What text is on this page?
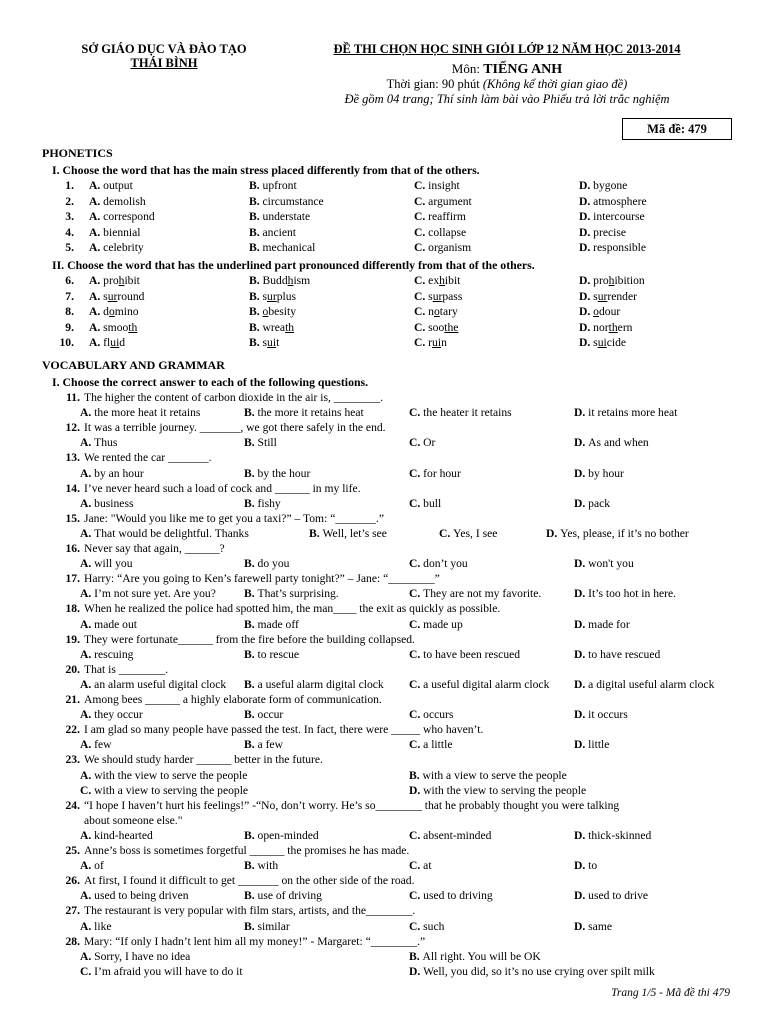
SỞ GIÁO DỤC VÀ ĐÀO TẠO
THÁI BÌNH
ĐỀ THI CHỌN HỌC SINH GIỎI LỚP 12 NĂM HỌC 2013-2014
Môn: TIẾNG ANH
Thời gian: 90 phút (Không kể thời gian giao đề)
Đề gồm 04 trang; Thí sinh làm bài vào Phiếu trả lời trắc nghiệm
Mã đề: 479
PHONETICS
I. Choose the word that has the main stress placed differently from that of the others.
1. A. output	B. upfront	C. insight	D. bygone
2. A. demolish	B. circumstance	C. argument	D. atmosphere
3. A. correspond	B. understate	C. reaffirm	D. intercourse
4. A. biennial	B. ancient	C. collapse	D. precise
5. A. celebrity	B. mechanical	C. organism	D. responsible
II. Choose the word that has the underlined part pronounced differently from that of the others.
6. A. prohibit	B. Buddhism	C. exhibit	D. prohibition
7. A. surround	B. surplus	C. surpass	D. surrender
8. A. domino	B. obesity	C. notary	D. odour
9. A. smooth	B. wreath	C. soothe	D. northern
10. A. fluid	B. suit	C. ruin	D. suicide
VOCABULARY AND GRAMMAR
I. Choose the correct answer to each of the following questions.
11. The higher the content of carbon dioxide in the air is, ________.
A. the more heat it retains	B. the more it retains heat	C. the heater it retains	D. it retains more heat
12. It was a terrible journey. _______, we got there safely in the end.
A. Thus	B. Still	C. Or	D. As and when
13. We rented the car _______.
A. by an hour	B. by the hour	C. for hour	D. by hour
14. I’ve never heard such a load of cock and ______ in my life.
A. business	B. fishy	C. bull	D. pack
15. Jane: "Would you like me to get you a taxi?” – Tom: “_______.”
A. That would be delightful. Thanks	B. Well, let’s see	C. Yes, I see	D. Yes, please, if it’s no bother
16. Never say that again, ______?
A. will you	B. do you	C. don’t you	D. won't you
17. Harry: “Are you going to Ken’s farewell party tonight?” – Jane: “________”
A. I’m not sure yet. Are you? B. That’s surprising.	C. They are not my favorite.	D. It’s too hot in here.
18. When he realized the police had spotted him, the man____ the exit as quickly as possible.
A. made out	B. made off	C. made up	D. made for
19. They were fortunate______ from the fire before the building collapsed.
A. rescuing	B. to rescue	C. to have been rescued	D. to have rescued
20. That is ________.
A. an alarm useful digital clock B. a useful alarm digital clock C. a useful digital alarm clock D. a digital useful alarm clock
21. Among bees ______ a highly elaborate form of communication.
A. they occur	B. occur	C. occurs	D. it occurs
22. I am glad so many people have passed the test. In fact, there were _____ who haven’t.
A. few	B. a few	C. a little	D. little
23. We should study harder ______ better in the future.
A. with the view to serve the people	B. with a view to serve the people
C. with a view to serving the people	D. with the view to serving the people
24. “I hope I haven’t hurt his feelings!” -“No, don’t worry. He’s so________ that he probably thought you were talking
about someone else."
A. kind-hearted	B. open-minded	C. absent-minded	D. thick-skinned
25. Anne’s boss is sometimes forgetful ______ the promises he has made.
A. of	B. with	C. at	D. to
26. At first, I found it difficult to get _______ on the other side of the road.
A. used to being driven	B. use of driving	C. used to driving	D. used to drive
27. The restaurant is very popular with film stars, artists, and the________.
A. like	B. similar	C. such	D. same
28. Mary: “If only I hadn’t lent him all my money!” - Margaret: “________.”
A. Sorry, I have no idea	B. All right. You will be OK
C. I’m afraid you will have to do it	D. Well, you did, so it’s no use crying over spilt milk
Trang 1/5 - Mã đề thi 479
